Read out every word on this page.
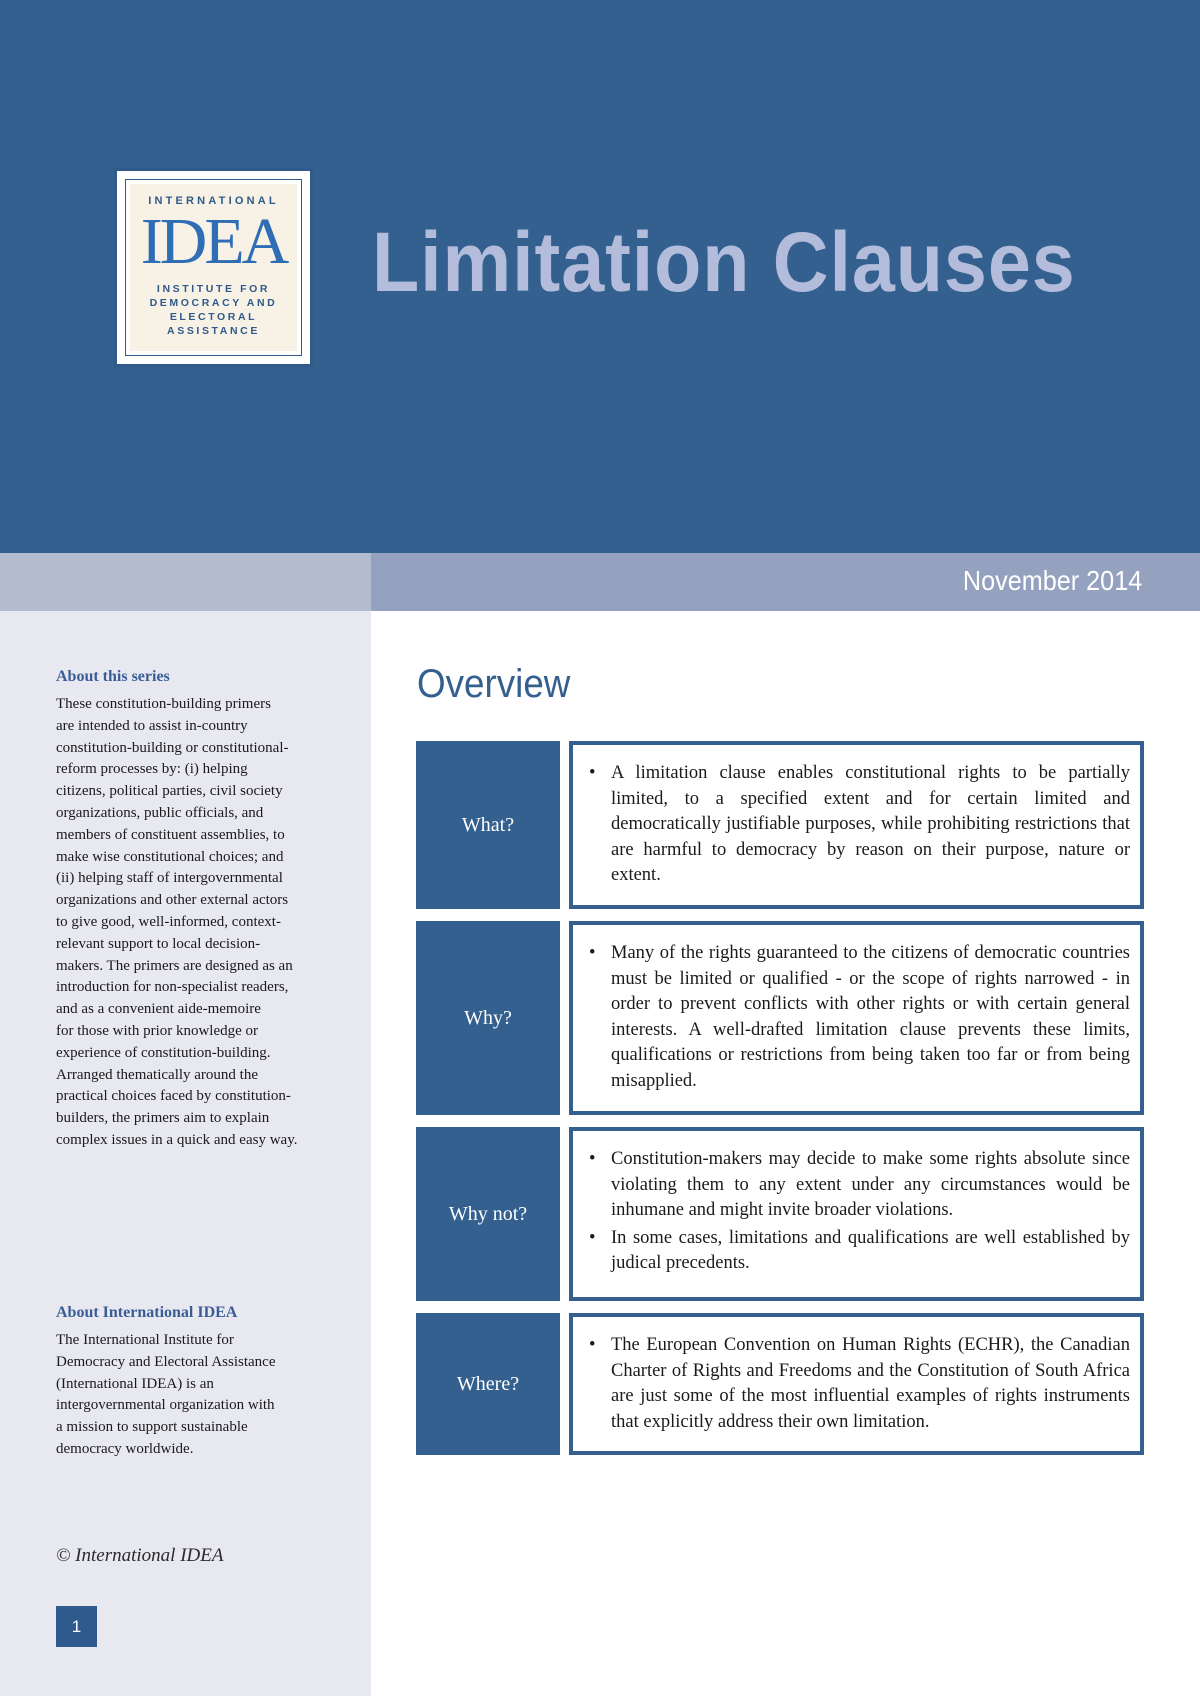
INTERNATIONAL
IDEA
INSTITUTE FOR
DEMOCRACY AND
ELECTORAL
ASSISTANCE
Limitation Clauses
November 2014
About this series
These constitution-building primers
are intended to assist in-country
constitution-building or constitutional-
reform processes by: (i) helping
citizens, political parties, civil society
organizations, public officials, and
members of constituent assemblies, to
make wise constitutional choices; and
(ii) helping staff of intergovernmental
organizations and other external actors
to give good, well-informed, context-
relevant support to local decision-
makers. The primers are designed as an
introduction for non-specialist readers,
and as a convenient aide-memoire
for those with prior knowledge or
experience of constitution-building.
Arranged thematically around the
practical choices faced by constitution-
builders, the primers aim to explain
complex issues in a quick and easy way.
About International IDEA
The International Institute for
Democracy and Electoral Assistance
(International IDEA) is an
intergovernmental organization with
a mission to support sustainable
democracy worldwide.
© International IDEA
1
Overview
What?
• A limitation clause enables constitutional rights to be partially limited, to a specified extent and for certain limited and democratically justifiable purposes, while prohibiting restrictions that are harmful to democracy by reason on their purpose, nature or extent.
Why?
• Many of the rights guaranteed to the citizens of democratic countries must be limited or qualified - or the scope of rights narrowed - in order to prevent conflicts with other rights or with certain general interests. A well-drafted limitation clause prevents these limits, qualifications or restrictions from being taken too far or from being misapplied.
Why not?
• Constitution-makers may decide to make some rights absolute since violating them to any extent under any circumstances would be inhumane and might invite broader violations.
• In some cases, limitations and qualifications are well established by judical precedents.
Where?
• The European Convention on Human Rights (ECHR), the Canadian Charter of Rights and Freedoms and the Constitution of South Africa are just some of the most influential examples of rights instruments that explicitly address their own limitation.
